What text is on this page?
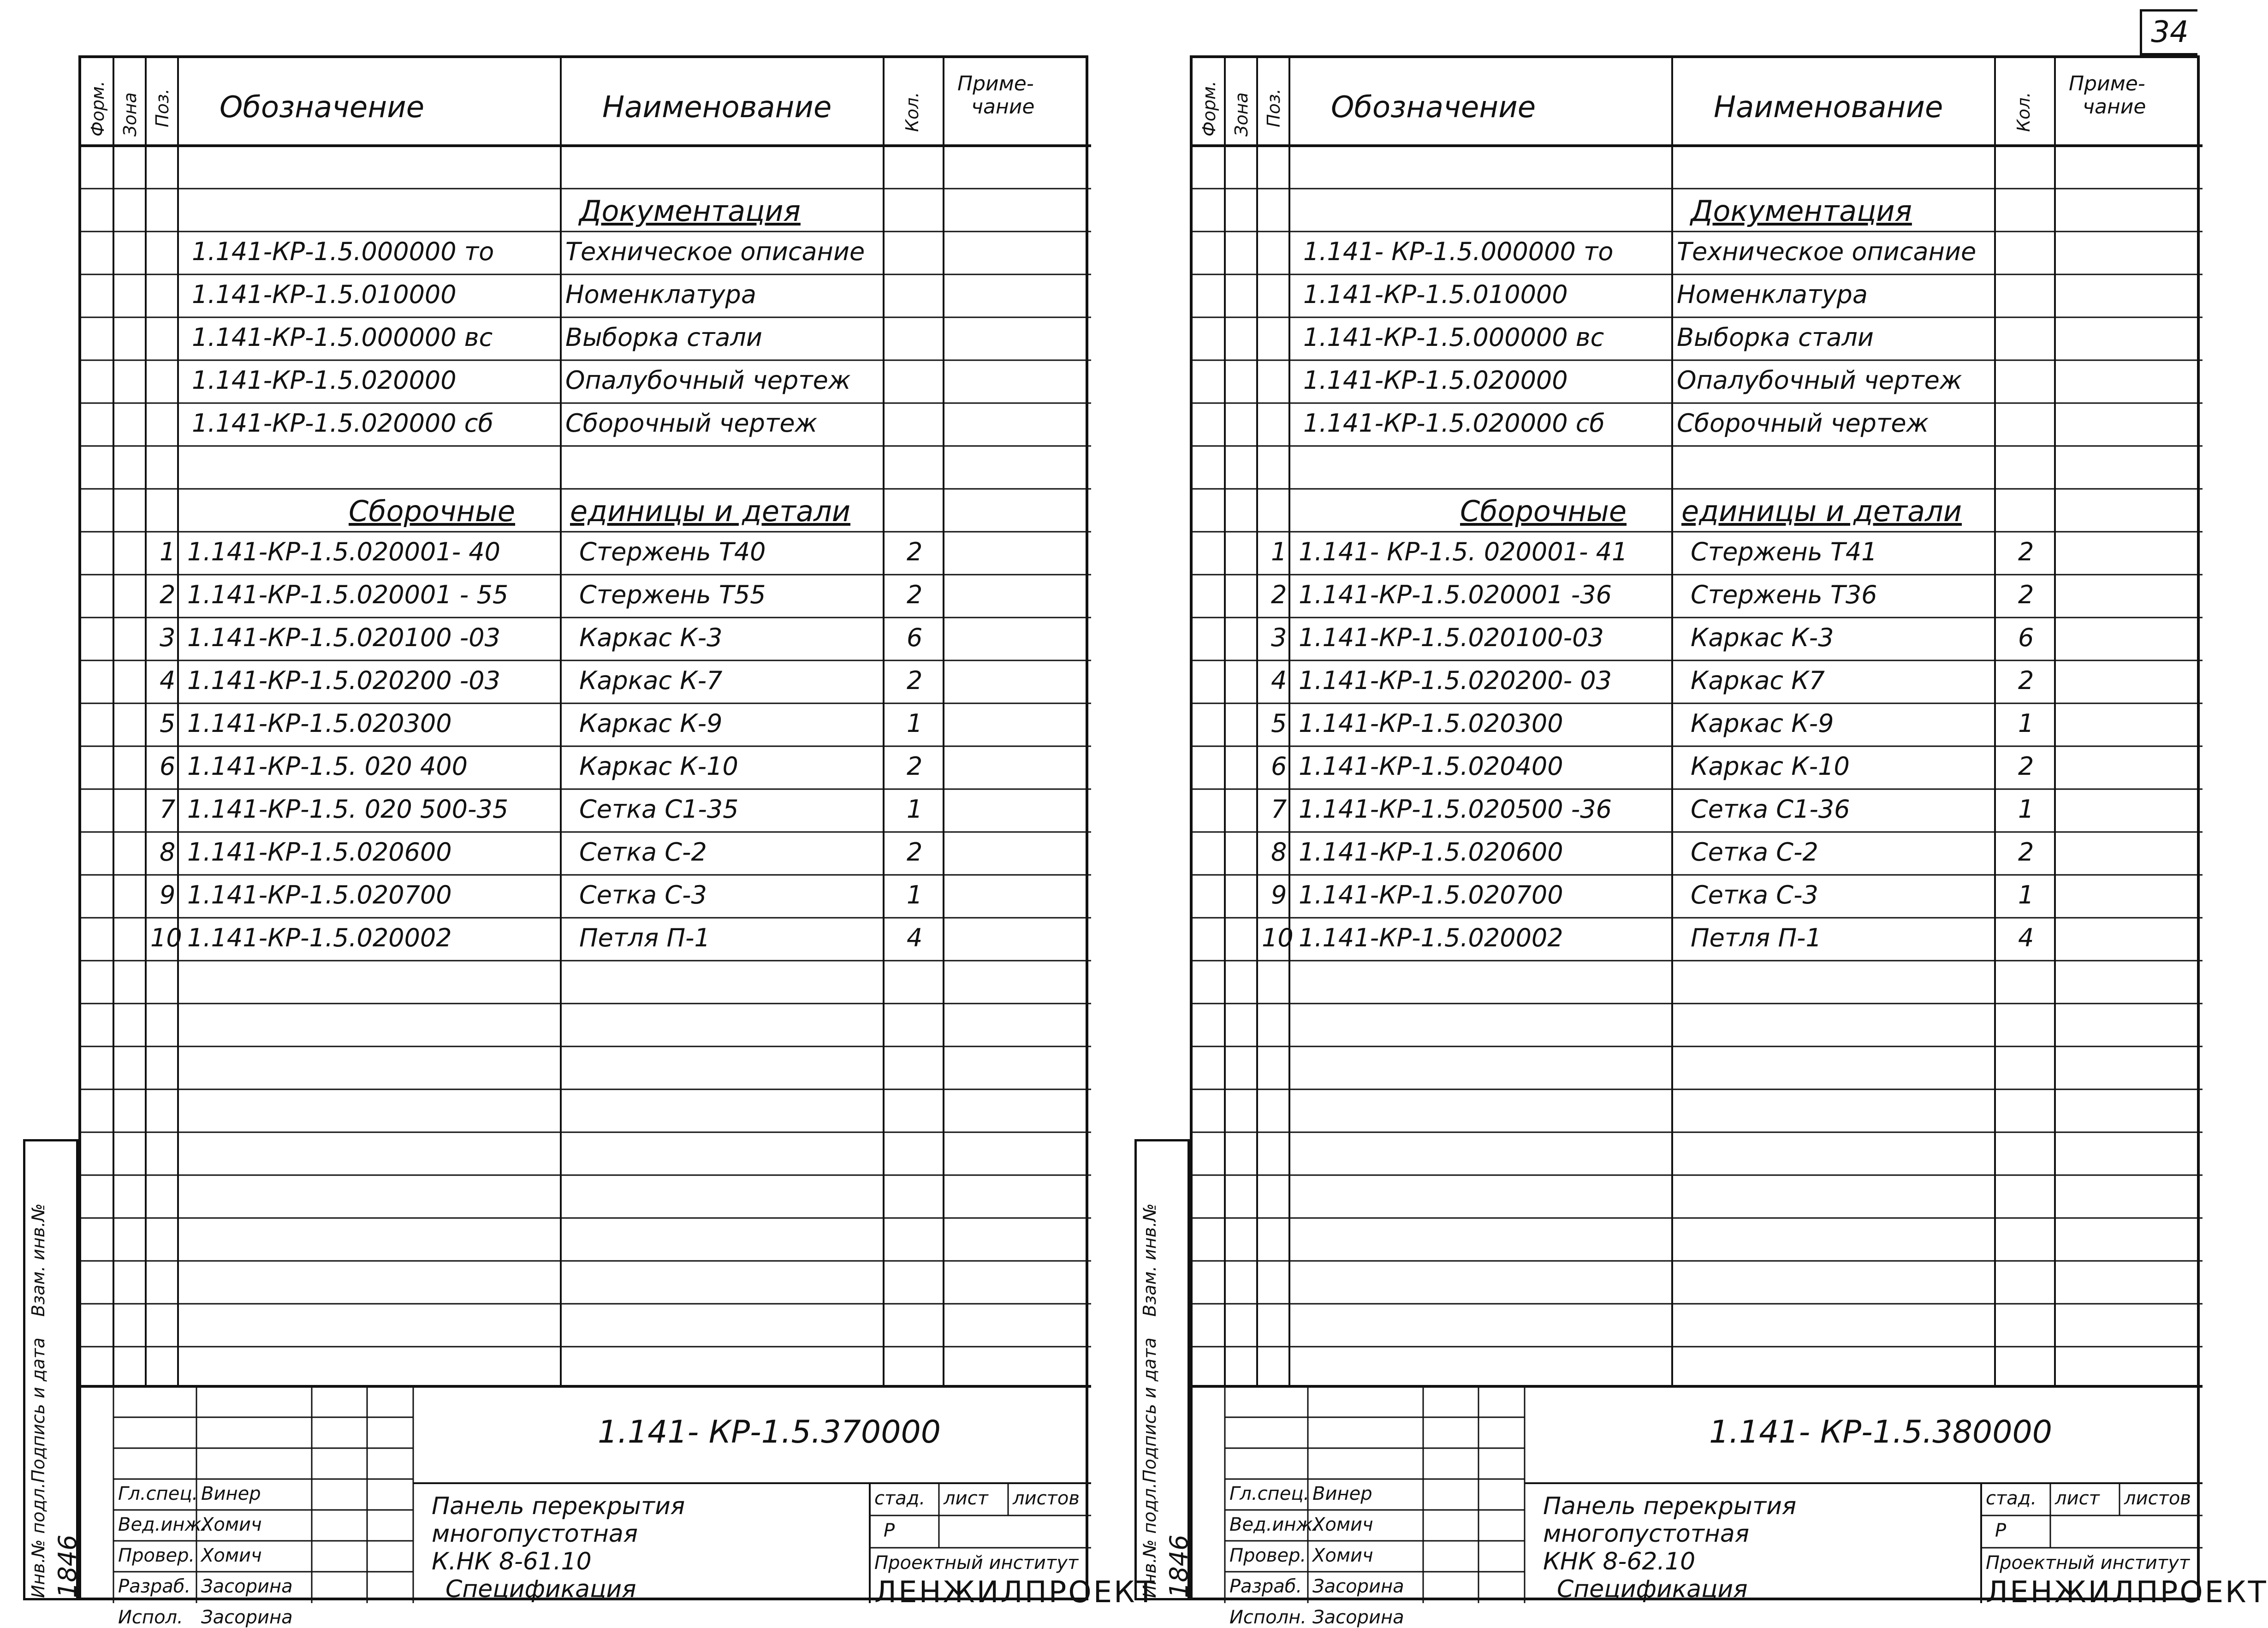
34
Форм. Зона Поз. Обозначение	Наименование	Кол.
Приме-
чание
Документация
1.141-КР-1.5.000000 то	Техническое описание
1.141-КР-1.5.010000	Номенклатура
1.141-КР-1.5.000000 вс	Выборка стали
1.141-КР-1.5.020000	Опалубочный чертеж
1.141-КР-1.5.020000 сб	Сборочный чертеж
Сборочные единицы и детали
1 1.141-КР-1.5.020001- 40	Стержень Т40	2
2 1.141-КР-1.5.020001 - 55	Стержень Т55	2
3 1.141-КР-1.5.020100 -03	Каркас К-3	6
4 1.141-КР-1.5.020200 -03	Каркас К-7	2
5 1.141-КР-1.5.020300	Каркас К-9	1
6 1.141-КР-1.5. 020 400	Каркас К-10	2
7 1.141-КР-1.5. 020 500-35	Сетка С1-35	1
8 1.141-КР-1.5.020600	Сетка С-2	2
9 1.141-КР-1.5.020700	Сетка С-3	1
10 1.141-КР-1.5.020002	Петля П-1	4
1.141- КР-1.5.370000
Панель перекрытия
многопустотная
К.НК 8-61.10
Спецификация
стад. лист листов
Р
Проектный институт
ЛЕНЖИЛПРОЕКТ
Гл.спец. Винер
Вед.инж.
Хомич
Провер. Хомич
Разраб. Засорина
Испол. Засорина
Инв.№ подл.
Подпись и дата
Взам. инв.№
1846
Форм. Зона Поз. Обозначение	Наименование	Кол.
Приме-
чание
Документация
1.141- КР-1.5.000000 то	Техническое описание
1.141-КР-1.5.010000	Номенклатура
1.141-КР-1.5.000000 вс	Выборка стали
1.141-КР-1.5.020000	Опалубочный чертеж
1.141-КР-1.5.020000 сб	Сборочный чертеж
Сборочные единицы и детали
1 1.141- КР-1.5. 020001- 41	Стержень Т41	2
2 1.141-КР-1.5.020001 -36	Стержень Т36	2
3 1.141-КР-1.5.020100-03	Каркас К-3	6
4 1.141-КР-1.5.020200- 03	Каркас К7	2
5 1.141-КР-1.5.020300	Каркас К-9	1
6 1.141-КР-1.5.020400	Каркас К-10	2
7 1.141-КР-1.5.020500 -36	Сетка С1-36	1
8 1.141-КР-1.5.020600	Сетка С-2	2
9 1.141-КР-1.5.020700	Сетка С-3	1
10 1.141-КР-1.5.020002	Петля П-1	4
1.141- КР-1.5.380000
Панель перекрытия
многопустотная
КНК 8-62.10
Спецификация
стад. лист листов
Р
Проектный институт
ЛЕНЖИЛПРОЕКТ
Гл.спец. Винер
Вед.инж.
Хомич
Провер. Хомич
Разраб. Засорина
Исполн. Засорина
Инв.№ подл.
Подпись и дата
Взам. инв.№
1846
